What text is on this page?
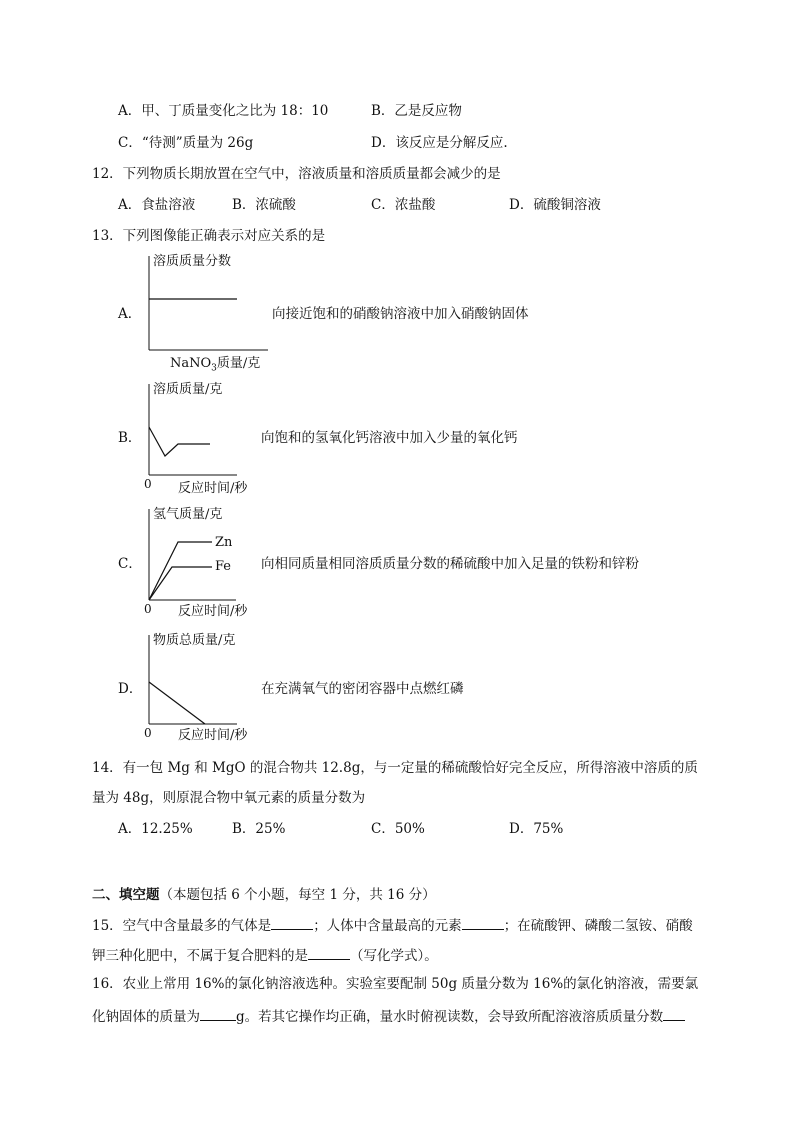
A．甲、丁质量变化之比为 18：10	B．乙是反应物
C．“待测”质量为 26g	D．该反应是分解反应.
12．下列物质长期放置在空气中，溶液质量和溶质质量都会减少的是
A．食盐溶液	B．浓硫酸	C．浓盐酸	D．硫酸铜溶液
13．下列图像能正确表示对应关系的是
A．
溶质质量分数
NaNO$_3$质量/克
向接近饱和的硝酸钠溶液中加入硝酸钠固体
B．
溶质质量/克
0 反应时间/秒
向饱和的氢氧化钙溶液中加入少量的氧化钙
C．
氢气质量/克
Zn
Fe
0 反应时间/秒
向相同质量相同溶质质量分数的稀硫酸中加入足量的铁粉和锌粉
D．
物质总质量/克
0 反应时间/秒
在充满氧气的密闭容器中点燃红磷
14．有一包 Mg 和 MgO 的混合物共 12.8g，与一定量的稀硫酸恰好完全反应，所得溶液中溶质的质
量为 48g，则原混合物中氧元素的质量分数为
A．12.25%	B．25%	C．50%	D．75%
二、填空题（本题包括 6 个小题，每空 1 分，共 16 分）
15．空气中含量最多的气体是	；人体中含量最高的元素	；在硫酸钾、磷酸二氢铵、硝酸
钾三种化肥中，不属于复合肥料的是	（写化学式）。
16．农业上常用 16%的氯化钠溶液选种。实验室要配制 50g 质量分数为 16%的氯化钠溶液，需要氯
化钠固体的质量为	g。若其它操作均正确，量水时俯视读数，会导致所配溶液溶质质量分数
